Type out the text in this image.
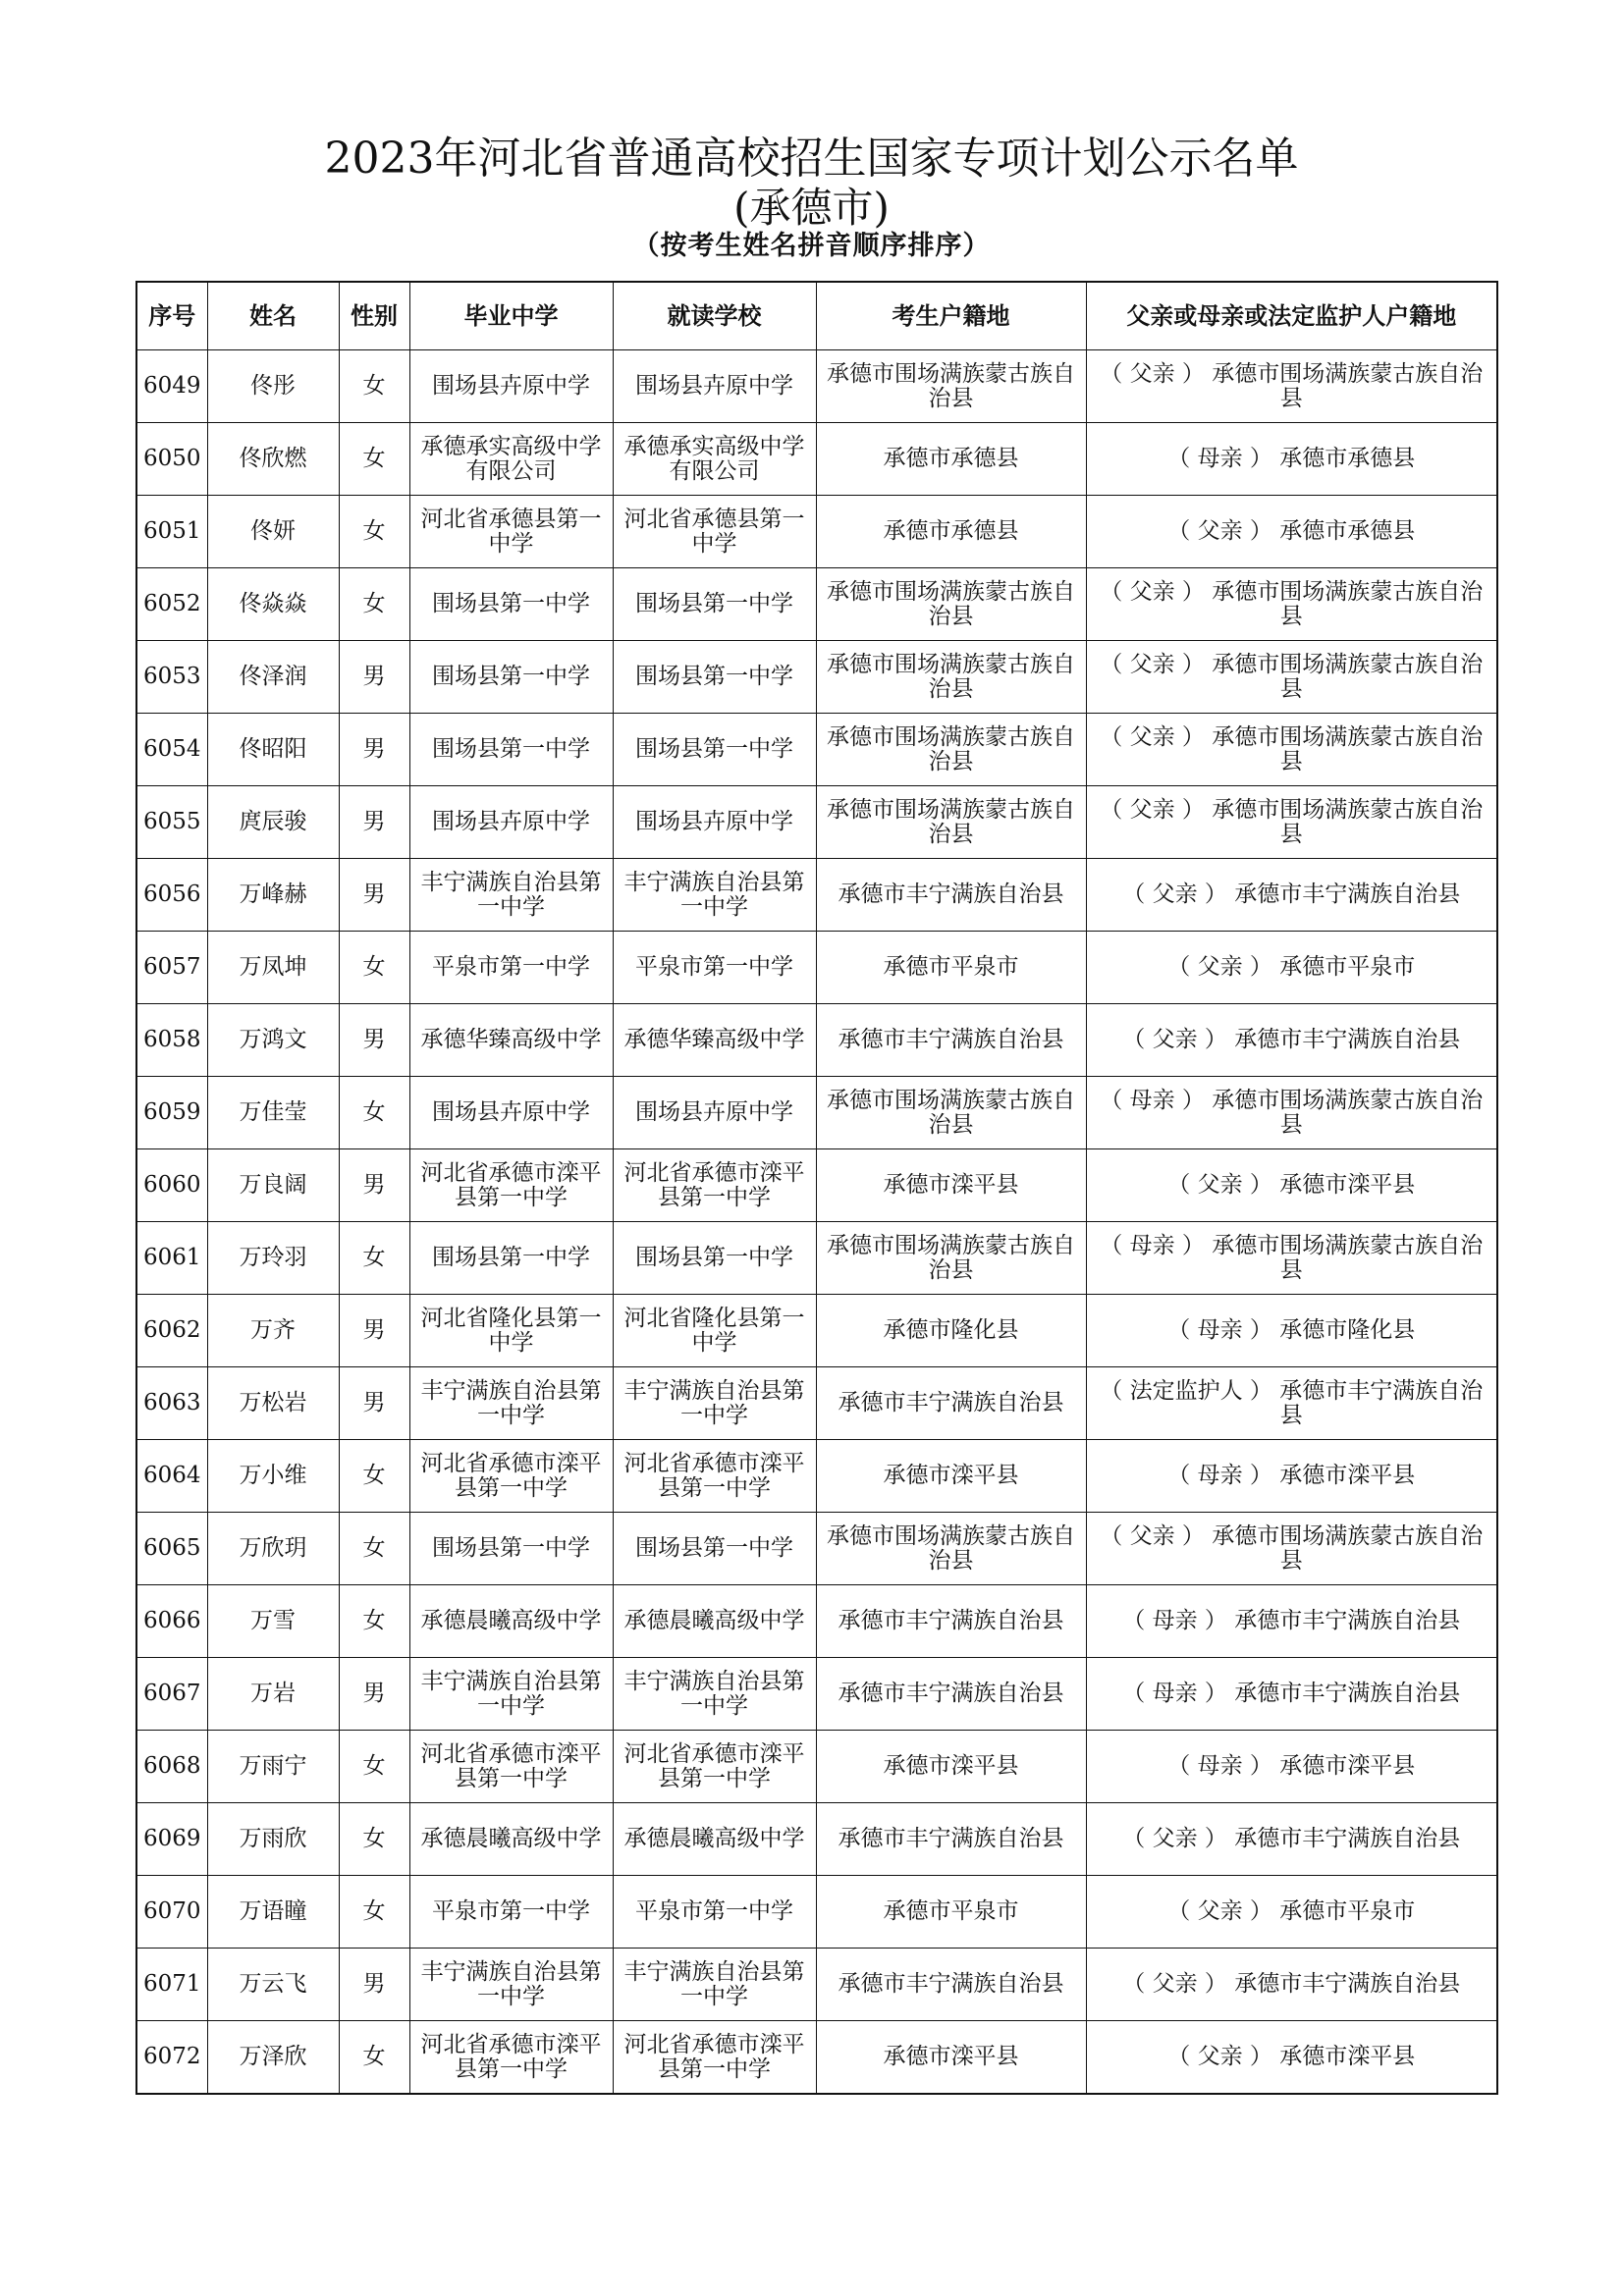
2023年河北省普通高校招生国家专项计划公示名单
(承德市)
（按考生姓名拼音顺序排序）
序号	姓名	性别	毕业中学	就读学校	考生户籍地	父亲或母亲或法定监护人户籍地
6049	佟彤	女	围场县卉原中学	围场县卉原中学	承德市围场满族蒙古族自治县	（ 父亲 ） 承德市围场满族蒙古族自治县
6050	佟欣燃	女	承德承实高级中学有限公司	承德承实高级中学有限公司	承德市承德县	（ 母亲 ） 承德市承德县
6051	佟妍	女	河北省承德县第一中学	河北省承德县第一中学	承德市承德县	（ 父亲 ） 承德市承德县
6052	佟焱焱	女	围场县第一中学	围场县第一中学	承德市围场满族蒙古族自治县	（ 父亲 ） 承德市围场满族蒙古族自治县
6053	佟泽润	男	围场县第一中学	围场县第一中学	承德市围场满族蒙古族自治县	（ 父亲 ） 承德市围场满族蒙古族自治县
6054	佟昭阳	男	围场县第一中学	围场县第一中学	承德市围场满族蒙古族自治县	（ 父亲 ） 承德市围场满族蒙古族自治县
6055	庹辰骏	男	围场县卉原中学	围场县卉原中学	承德市围场满族蒙古族自治县	（ 父亲 ） 承德市围场满族蒙古族自治县
6056	万峰赫	男	丰宁满族自治县第一中学	丰宁满族自治县第一中学	承德市丰宁满族自治县	（ 父亲 ） 承德市丰宁满族自治县
6057	万凤坤	女	平泉市第一中学	平泉市第一中学	承德市平泉市	（ 父亲 ） 承德市平泉市
6058	万鸿文	男	承德华臻高级中学	承德华臻高级中学	承德市丰宁满族自治县	（ 父亲 ） 承德市丰宁满族自治县
6059	万佳莹	女	围场县卉原中学	围场县卉原中学	承德市围场满族蒙古族自治县	（ 母亲 ） 承德市围场满族蒙古族自治县
6060	万良阔	男	河北省承德市滦平县第一中学	河北省承德市滦平县第一中学	承德市滦平县	（ 父亲 ） 承德市滦平县
6061	万玲羽	女	围场县第一中学	围场县第一中学	承德市围场满族蒙古族自治县	（ 母亲 ） 承德市围场满族蒙古族自治县
6062	万齐	男	河北省隆化县第一中学	河北省隆化县第一中学	承德市隆化县	（ 母亲 ） 承德市隆化县
6063	万松岩	男	丰宁满族自治县第一中学	丰宁满族自治县第一中学	承德市丰宁满族自治县	（ 法定监护人 ） 承德市丰宁满族自治县
6064	万小维	女	河北省承德市滦平县第一中学	河北省承德市滦平县第一中学	承德市滦平县	（ 母亲 ） 承德市滦平县
6065	万欣玥	女	围场县第一中学	围场县第一中学	承德市围场满族蒙古族自治县	（ 父亲 ） 承德市围场满族蒙古族自治县
6066	万雪	女	承德晨曦高级中学	承德晨曦高级中学	承德市丰宁满族自治县	（ 母亲 ） 承德市丰宁满族自治县
6067	万岩	男	丰宁满族自治县第一中学	丰宁满族自治县第一中学	承德市丰宁满族自治县	（ 母亲 ） 承德市丰宁满族自治县
6068	万雨宁	女	河北省承德市滦平县第一中学	河北省承德市滦平县第一中学	承德市滦平县	（ 母亲 ） 承德市滦平县
6069	万雨欣	女	承德晨曦高级中学	承德晨曦高级中学	承德市丰宁满族自治县	（ 父亲 ） 承德市丰宁满族自治县
6070	万语瞳	女	平泉市第一中学	平泉市第一中学	承德市平泉市	（ 父亲 ） 承德市平泉市
6071	万云飞	男	丰宁满族自治县第一中学	丰宁满族自治县第一中学	承德市丰宁满族自治县	（ 父亲 ） 承德市丰宁满族自治县
6072	万泽欣	女	河北省承德市滦平县第一中学	河北省承德市滦平县第一中学	承德市滦平县	（ 父亲 ） 承德市滦平县
